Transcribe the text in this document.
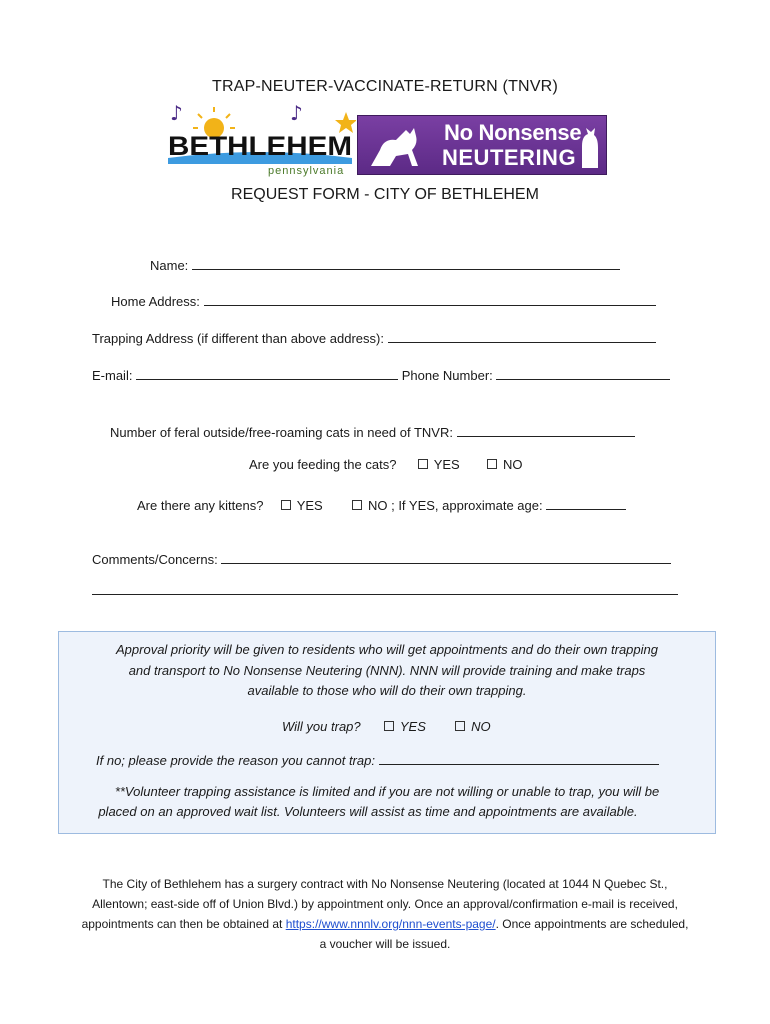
TRAP-NEUTER-VACCINATE-RETURN (TNVR)
♪
♪
BETHLEHEM
pennsylvania
No Nonsense
NEUTERING
REQUEST FORM - CITY OF BETHLEHEM
Name:
Home Address:
Trapping Address (if different than above address):
E-mail:	Phone Number:
Number of feral outside/free-roaming cats in need of TNVR:
Are you feeding the cats?	YES	NO
Are there any kittens?	YES	NO ; If YES, approximate age:
Comments/Concerns:
Approval priority will be given to residents who will get appointments and do their own trapping
and transport to No Nonsense Neutering (NNN). NNN will provide training and make traps
available to those who will do their own trapping.
Will you trap?	YES	NO
If no; please provide the reason you cannot trap:
**Volunteer trapping assistance is limited and if you are not willing or unable to trap, you will be
placed on an approved wait list. Volunteers will assist as time and appointments are available.
The City of Bethlehem has a surgery contract with No Nonsense Neutering (located at 1044 N Quebec St., Allentown; east-side off of Union Blvd.) by appointment only. Once an approval/confirmation e-mail is received, appointments can then be obtained at https://www.nnnlv.org/nnn-events-page/. Once appointments are scheduled, a voucher will be issued.
